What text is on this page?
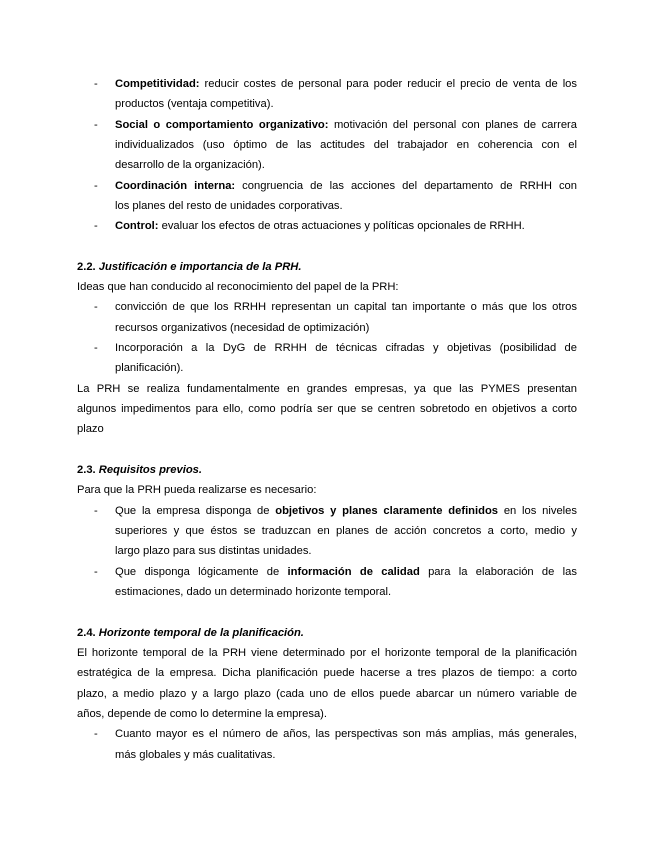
- Competitividad: reducir costes de personal para poder reducir el precio de venta de los
productos (ventaja competitiva).
- Social o comportamiento organizativo: motivación del personal con planes de carrera
individualizados (uso óptimo de las actitudes del trabajador en coherencia con el
desarrollo de la organización).
- Coordinación interna: congruencia de las acciones del departamento de RRHH con
los planes del resto de unidades corporativas.
- Control: evaluar los efectos de otras actuaciones y políticas opcionales de RRHH.
2.2. Justificación e importancia de la PRH.
Ideas que han conducido al reconocimiento del papel de la PRH:
- convicción de que los RRHH representan un capital tan importante o más que los otros
recursos organizativos (necesidad de optimización)
- Incorporación a la DyG de RRHH de técnicas cifradas y objetivas (posibilidad de
planificación).
La PRH se realiza fundamentalmente en grandes empresas, ya que las PYMES presentan
algunos impedimentos para ello, como podría ser que se centren sobretodo en objetivos a corto
plazo
2.3. Requisitos previos.
Para que la PRH pueda realizarse es necesario:
- Que la empresa disponga de objetivos y planes claramente definidos en los niveles
superiores y que éstos se traduzcan en planes de acción concretos a corto, medio y
largo plazo para sus distintas unidades.
- Que disponga lógicamente de información de calidad para la elaboración de las
estimaciones, dado un determinado horizonte temporal.
2.4. Horizonte temporal de la planificación.
El horizonte temporal de la PRH viene determinado por el horizonte temporal de la planificación
estratégica de la empresa. Dicha planificación puede hacerse a tres plazos de tiempo: a corto
plazo, a medio plazo y a largo plazo (cada uno de ellos puede abarcar un número variable de
años, depende de como lo determine la empresa).
- Cuanto mayor es el número de años, las perspectivas son más amplias, más generales,
más globales y más cualitativas.
